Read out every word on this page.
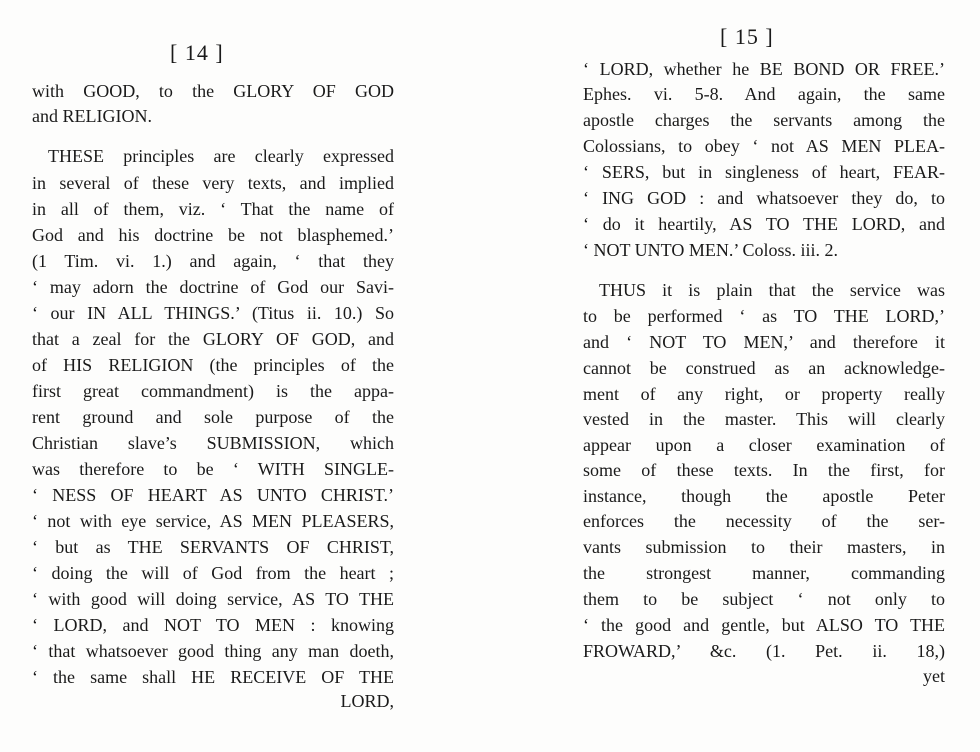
[ 14 ]
with GOOD, to the GLORY OF GOD
and RELIGION.
THESE principles are clearly expressed
in several of these very texts, and implied
in all of them, viz. ‘ That the name of
God and his doctrine be not blasphemed.’
(1 Tim. vi. 1.) and again, ‘ that they
‘ may adorn the doctrine of God our Savi-
‘ our IN ALL THINGS.’ (Titus ii. 10.) So
that a zeal for the GLORY OF GOD, and
of HIS RELIGION (the principles of the
first great commandment) is the appa-
rent ground and sole purpose of the
Christian slave’s SUBMISSION, which
was therefore to be ‘ WITH SINGLE-
‘ NESS OF HEART AS UNTO CHRIST.’
‘ not with eye service, AS MEN PLEASERS,
‘ but as THE SERVANTS OF CHRIST,
‘ doing the will of God from the heart ;
‘ with good will doing service, AS TO THE
‘ LORD, and NOT TO MEN : knowing
‘ that whatsoever good thing any man doeth,
‘ the same shall HE RECEIVE OF THE
LORD,
[ 15 ]
‘ LORD, whether he BE BOND OR FREE.’
Ephes. vi. 5-8. And again, the same
apostle charges the servants among the
Colossians, to obey ‘ not AS MEN PLEA-
‘ SERS, but in singleness of heart, FEAR-
‘ ING GOD : and whatsoever they do, to
‘ do it heartily, AS TO THE LORD, and
‘ NOT UNTO MEN.’ Coloss. iii. 2.
THUS it is plain that the service was
to be performed ‘ as TO THE LORD,’
and ‘ NOT TO MEN,’ and therefore it
cannot be construed as an acknowledge-
ment of any right, or property really
vested in the master. This will clearly
appear upon a closer examination of
some of these texts. In the first, for
instance, though the apostle Peter
enforces the necessity of the ser-
vants submission to their masters, in
the strongest manner, commanding
them to be subject ‘ not only to
‘ the good and gentle, but ALSO TO THE
FROWARD,’ &c. (1. Pet. ii. 18,)
yet
